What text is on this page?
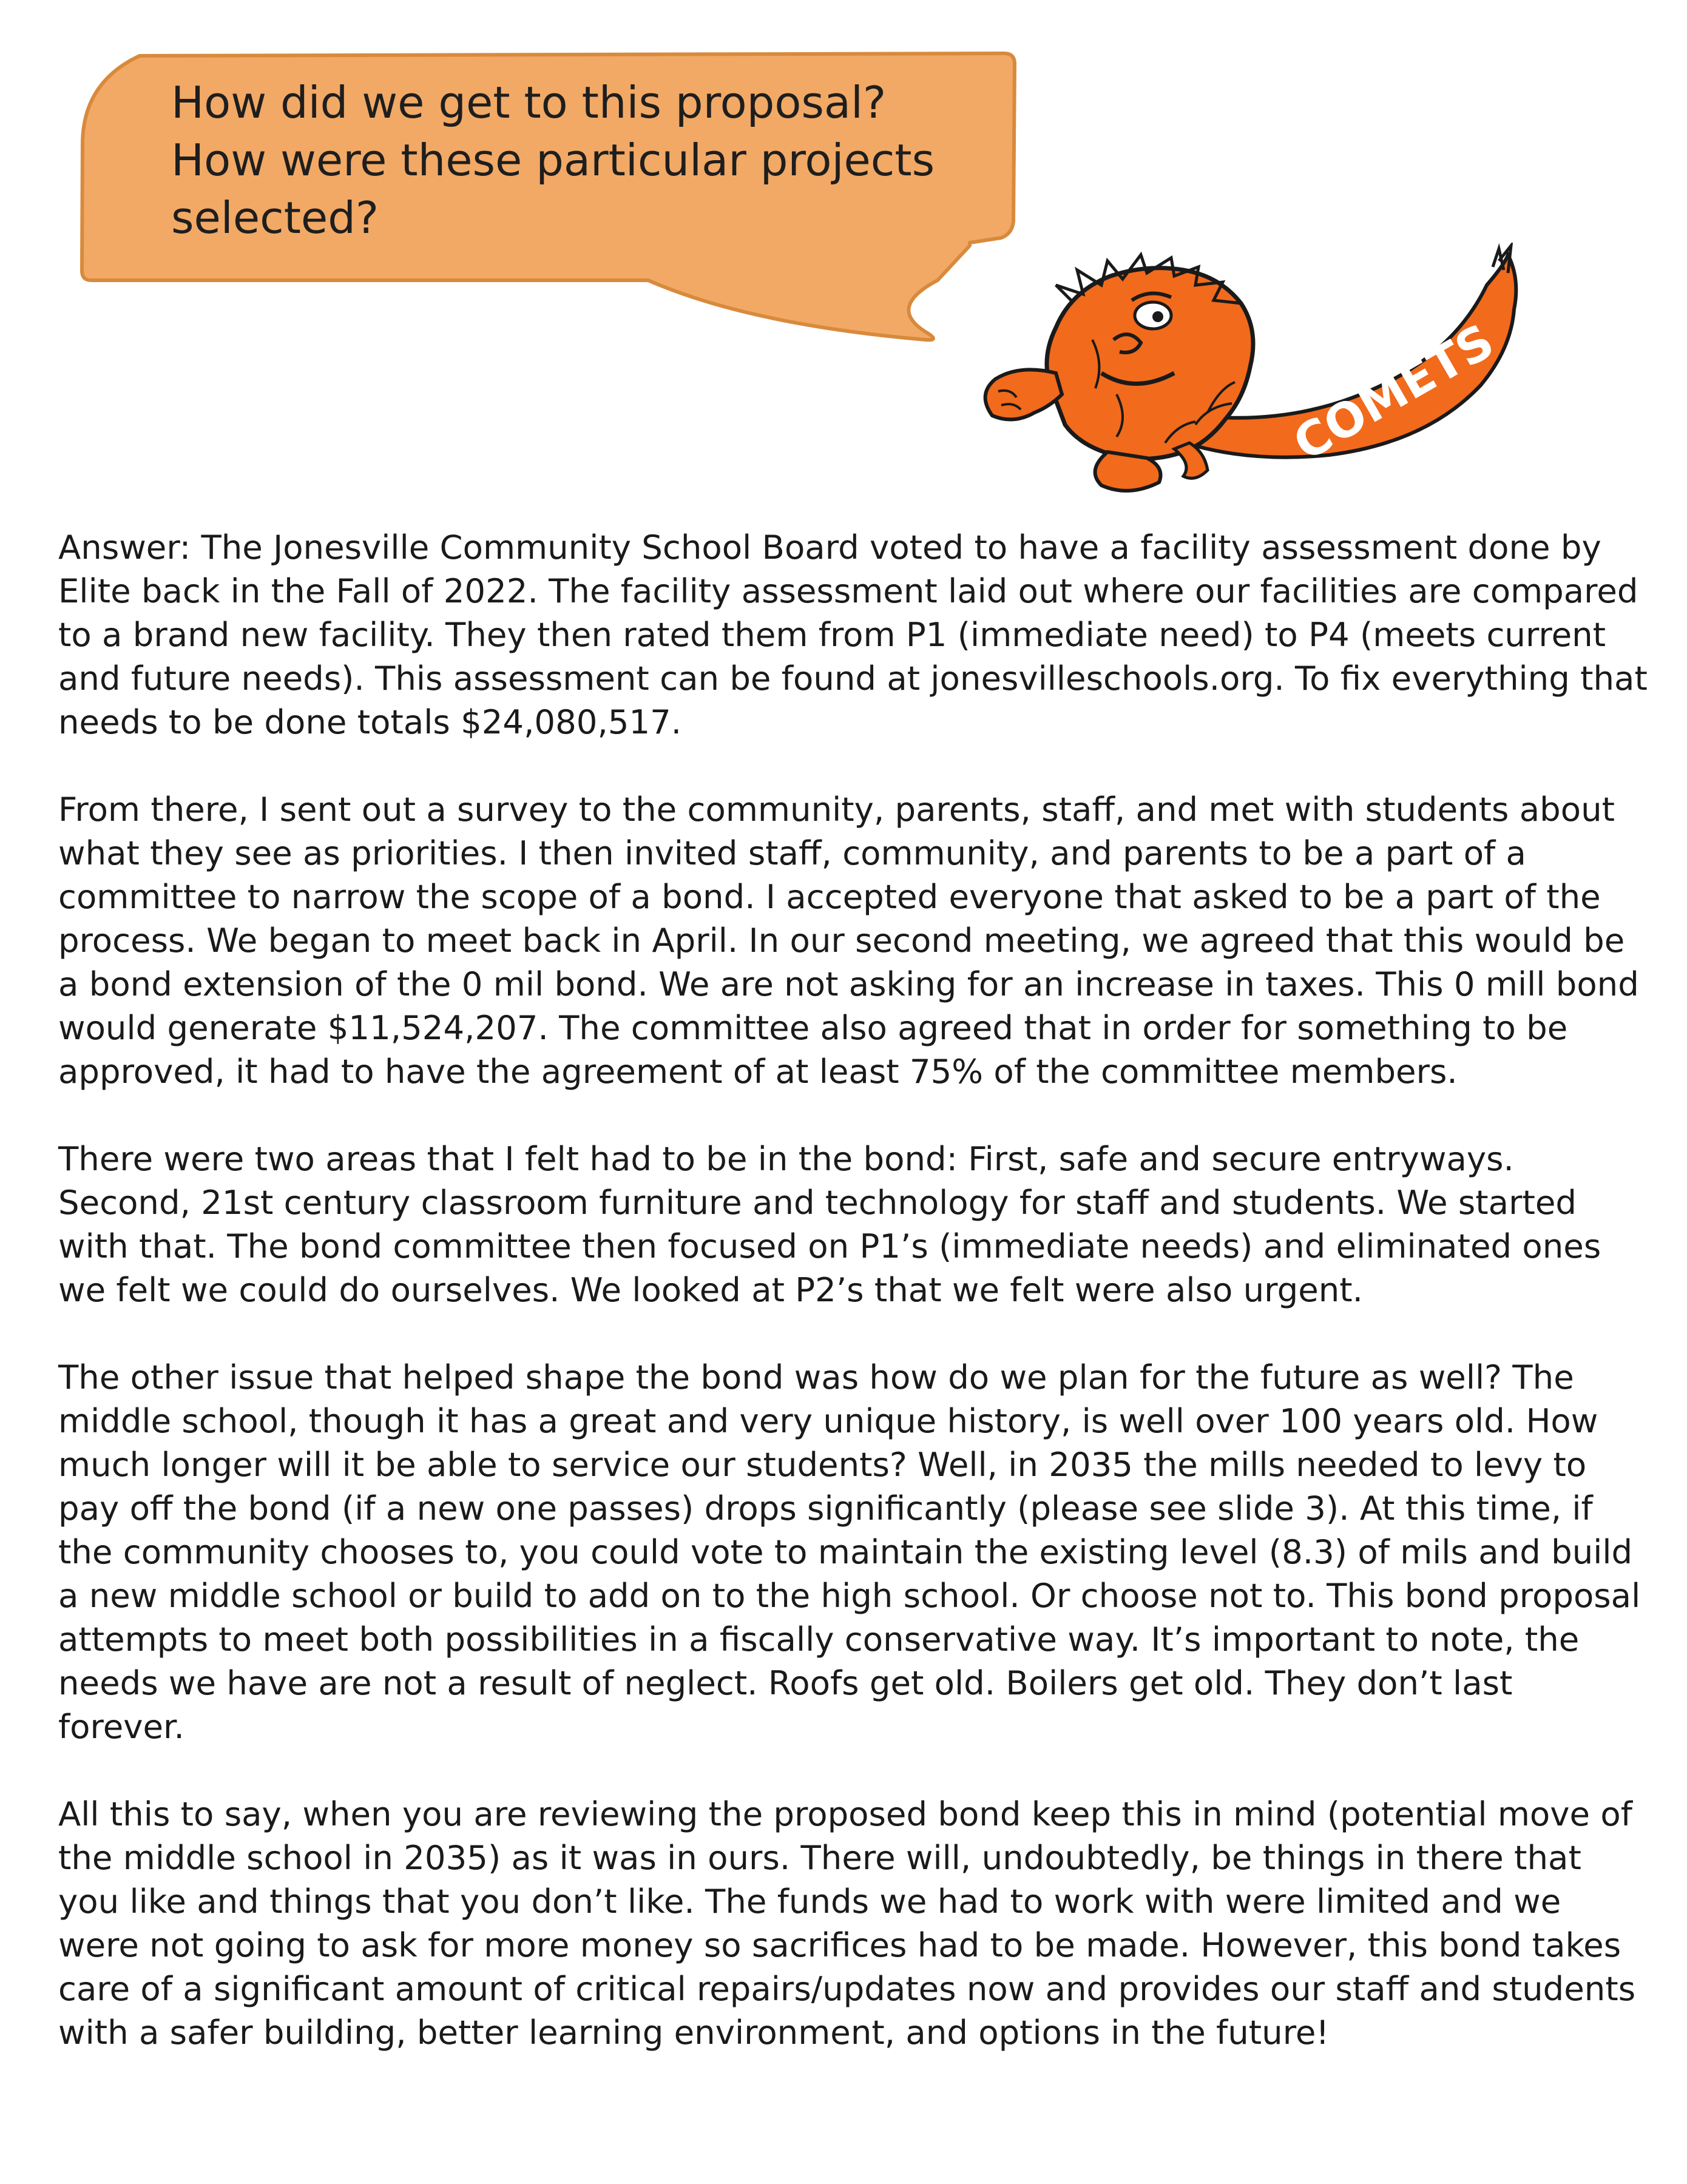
How did we get to this proposal? How were these particular projects selected?
COMETS

Answer: The Jonesville Community School Board voted to have a facility assessment done by Elite back in the Fall of 2022. The facility assessment laid out where our facilities are compared to a brand new facility. They then rated them from P1 (immediate need) to P4 (meets current and future needs). This assessment can be found at jonesvilleschools.org. To fix everything that needs to be done totals $24,080,517.

From there, I sent out a survey to the community, parents, staff, and met with students about what they see as priorities. I then invited staff, community, and parents to be a part of a committee to narrow the scope of a bond. I accepted everyone that asked to be a part of the process. We began to meet back in April. In our second meeting, we agreed that this would be a bond extension of the 0 mil bond. We are not asking for an increase in taxes. This 0 mill bond would generate $11,524,207. The committee also agreed that in order for something to be approved, it had to have the agreement of at least 75% of the committee members.

There were two areas that I felt had to be in the bond: First, safe and secure entryways. Second, 21st century classroom furniture and technology for staff and students. We started with that. The bond committee then focused on P1’s (immediate needs) and eliminated ones we felt we could do ourselves. We looked at P2’s that we felt were also urgent.

The other issue that helped shape the bond was how do we plan for the future as well? The middle school, though it has a great and very unique history, is well over 100 years old. How much longer will it be able to service our students? Well, in 2035 the mills needed to levy to pay off the bond (if a new one passes) drops significantly (please see slide 3). At this time, if the community chooses to, you could vote to maintain the existing level (8.3) of mils and build a new middle school or build to add on to the high school. Or choose not to. This bond proposal attempts to meet both possibilities in a fiscally conservative way. It’s important to note, the needs we have are not a result of neglect. Roofs get old. Boilers get old. They don’t last forever.

All this to say, when you are reviewing the proposed bond keep this in mind (potential move of the middle school in 2035) as it was in ours. There will, undoubtedly, be things in there that you like and things that you don’t like. The funds we had to work with were limited and we were not going to ask for more money so sacrifices had to be made. However, this bond takes care of a significant amount of critical repairs/updates now and provides our staff and students with a safer building, better learning environment, and options in the future!
